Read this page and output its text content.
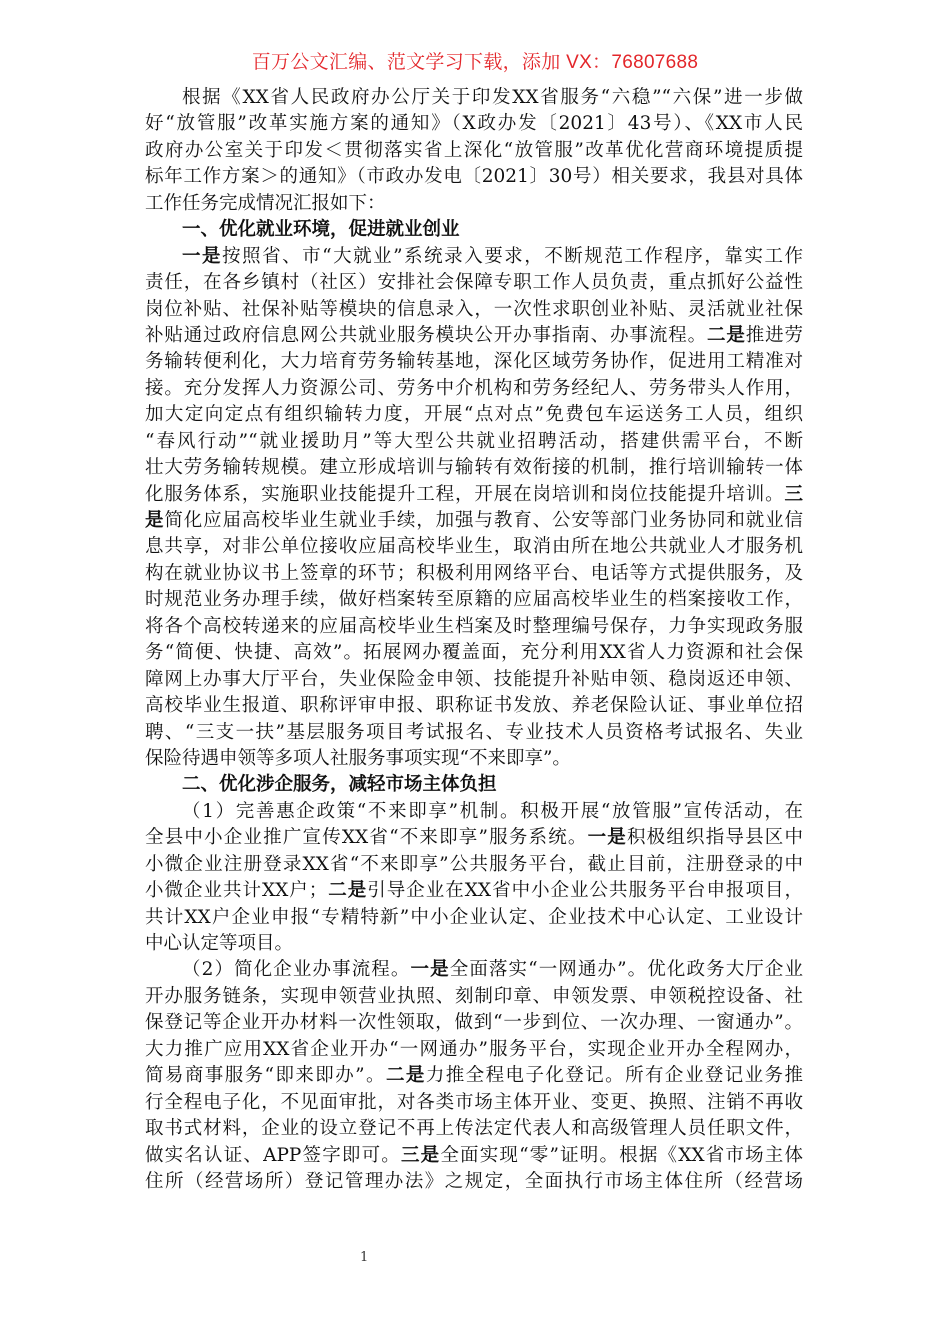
百万公文汇编、范文学习下载，添加 VX：76807688
根据《XX省人民政府办公厅关于印发XX省服务“六稳”“六保”进一步做
好“放管服”改革实施方案的通知》（X政办发〔2021〕43号）、《XX市人民
政府办公室关于印发＜贯彻落实省上深化“放管服”改革优化营商环境提质提
标年工作方案＞的通知》（市政办发电〔2021〕30号）相关要求，我县对具体
工作任务完成情况汇报如下：
一、优化就业环境，促进就业创业
一是按照省、市“大就业”系统录入要求，不断规范工作程序，靠实工作
责任，在各乡镇村（社区）安排社会保障专职工作人员负责，重点抓好公益性
岗位补贴、社保补贴等模块的信息录入，一次性求职创业补贴、灵活就业社保
补贴通过政府信息网公共就业服务模块公开办事指南、办事流程。二是推进劳
务输转便利化，大力培育劳务输转基地，深化区域劳务协作，促进用工精准对
接。充分发挥人力资源公司、劳务中介机构和劳务经纪人、劳务带头人作用，
加大定向定点有组织输转力度，开展“点对点”免费包车运送务工人员，组织
“春风行动”“就业援助月”等大型公共就业招聘活动，搭建供需平台，不断
壮大劳务输转规模。建立形成培训与输转有效衔接的机制，推行培训输转一体
化服务体系，实施职业技能提升工程，开展在岗培训和岗位技能提升培训。三
是简化应届高校毕业生就业手续，加强与教育、公安等部门业务协同和就业信
息共享，对非公单位接收应届高校毕业生，取消由所在地公共就业人才服务机
构在就业协议书上签章的环节；积极利用网络平台、电话等方式提供服务，及
时规范业务办理手续，做好档案转至原籍的应届高校毕业生的档案接收工作，
将各个高校转递来的应届高校毕业生档案及时整理编号保存，力争实现政务服
务“简便、快捷、高效”。拓展网办覆盖面，充分利用XX省人力资源和社会保
障网上办事大厅平台，失业保险金申领、技能提升补贴申领、稳岗返还申领、
高校毕业生报道、职称评审申报、职称证书发放、养老保险认证、事业单位招
聘、“三支一扶”基层服务项目考试报名、专业技术人员资格考试报名、失业
保险待遇申领等多项人社服务事项实现“不来即享”。
二、优化涉企服务，减轻市场主体负担
（1）完善惠企政策“不来即享”机制。积极开展“放管服”宣传活动，在
全县中小企业推广宣传XX省“不来即享”服务系统。一是积极组织指导县区中
小微企业注册登录XX省“不来即享”公共服务平台，截止目前，注册登录的中
小微企业共计XX户；二是引导企业在XX省中小企业公共服务平台申报项目，
共计XX户企业申报“专精特新”中小企业认定、企业技术中心认定、工业设计
中心认定等项目。
（2）简化企业办事流程。一是全面落实“一网通办”。优化政务大厅企业
开办服务链条，实现申领营业执照、刻制印章、申领发票、申领税控设备、社
保登记等企业开办材料一次性领取，做到“一步到位、一次办理、一窗通办”。
大力推广应用XX省企业开办“一网通办”服务平台，实现企业开办全程网办，
简易商事服务“即来即办”。二是力推全程电子化登记。所有企业登记业务推
行全程电子化，不见面审批，对各类市场主体开业、变更、换照、注销不再收
取书式材料，企业的设立登记不再上传法定代表人和高级管理人员任职文件，
做实名认证、APP签字即可。三是全面实现“零”证明。根据《XX省市场主体
住所（经营场所）登记管理办法》之规定，全面执行市场主体住所（经营场
1
